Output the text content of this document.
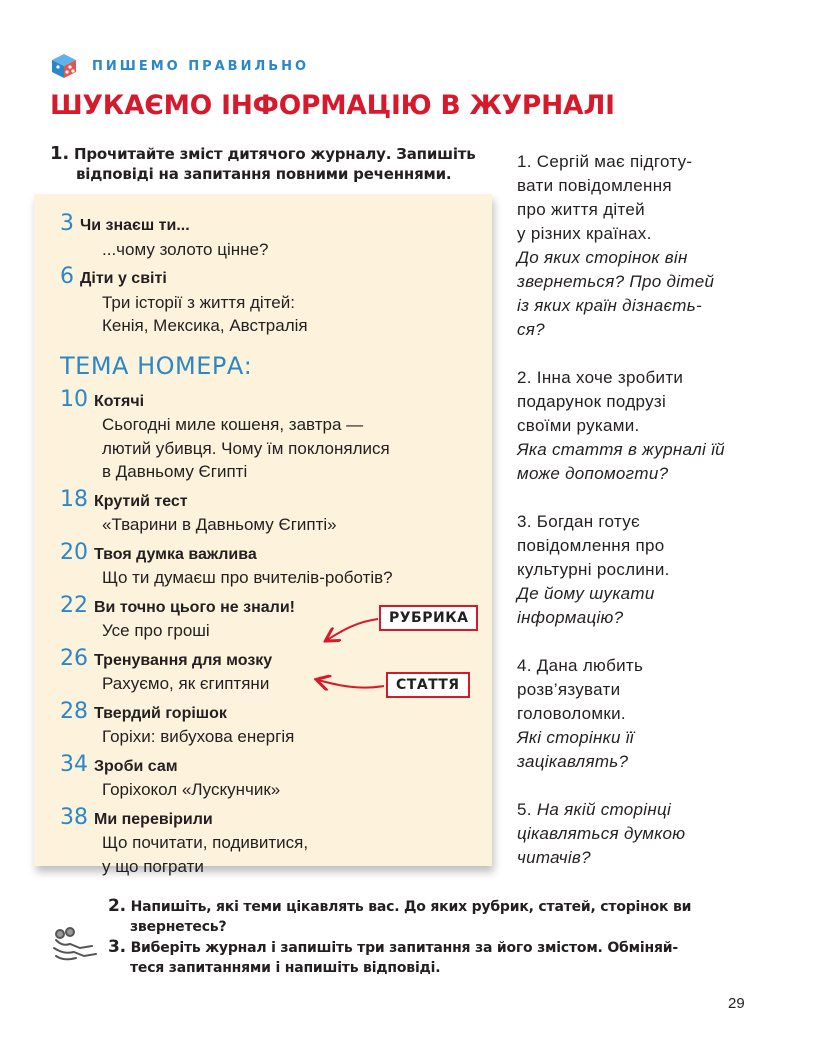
ПИШЕМО ПРАВИЛЬНО
ШУКАЄМО ІНФОРМАЦІЮ В ЖУРНАЛІ
1. Прочитайте зміст дитячого журналу. Запишіть
відповіді на запитання повними реченнями.
3 Чи знаєш ти...
...чому золото цінне?
6 Діти у світі
Три історії з життя дітей:
Кенія, Мексика, Австралія
ТЕМА НОМЕРА:
10 Котячі
Сьогодні миле кошеня, завтра —
лютий убивця. Чому їм поклонялися
в Давньому Єгипті
18 Крутий тест
«Тварини в Давньому Єгипті»
20 Твоя думка важлива
Що ти думаєш про вчителів-роботів?
22 Ви точно цього не знали!
Усе про гроші
26 Тренування для мозку
Рахуємо, як єгиптяни
28 Твердий горішок
Горіхи: вибухова енергія
34 Зроби сам
Горіхокол «Лускунчик»
38 Ми перевірили
Що почитати, подивитися,
у що пограти
РУБРИКА
СТАТТЯ
1. Сергій має підготу-
вати повідомлення
про життя дітей
у різних країнах.
До яких сторінок він
звернеться? Про дітей
із яких країн дізнаєть-
ся?
2. Інна хоче зробити
подарунок подрузі
своїми руками.
Яка стаття в журналі їй
може допомогти?
3. Богдан готує
повідомлення про
культурні рослини.
Де йому шукати
інформацію?
4. Дана любить
розв’язувати
головоломки.
Які сторінки її
зацікавлять?
5. На якій сторінці
цікавляться думкою
читачів?
2. Напишіть, які теми цікавлять вас. До яких рубрик, статей, сторінок ви
звернетесь?
3. Виберіть журнал і запишіть три запитання за його змістом. Обміняй-
теся запитаннями і напишіть відповіді.
29
